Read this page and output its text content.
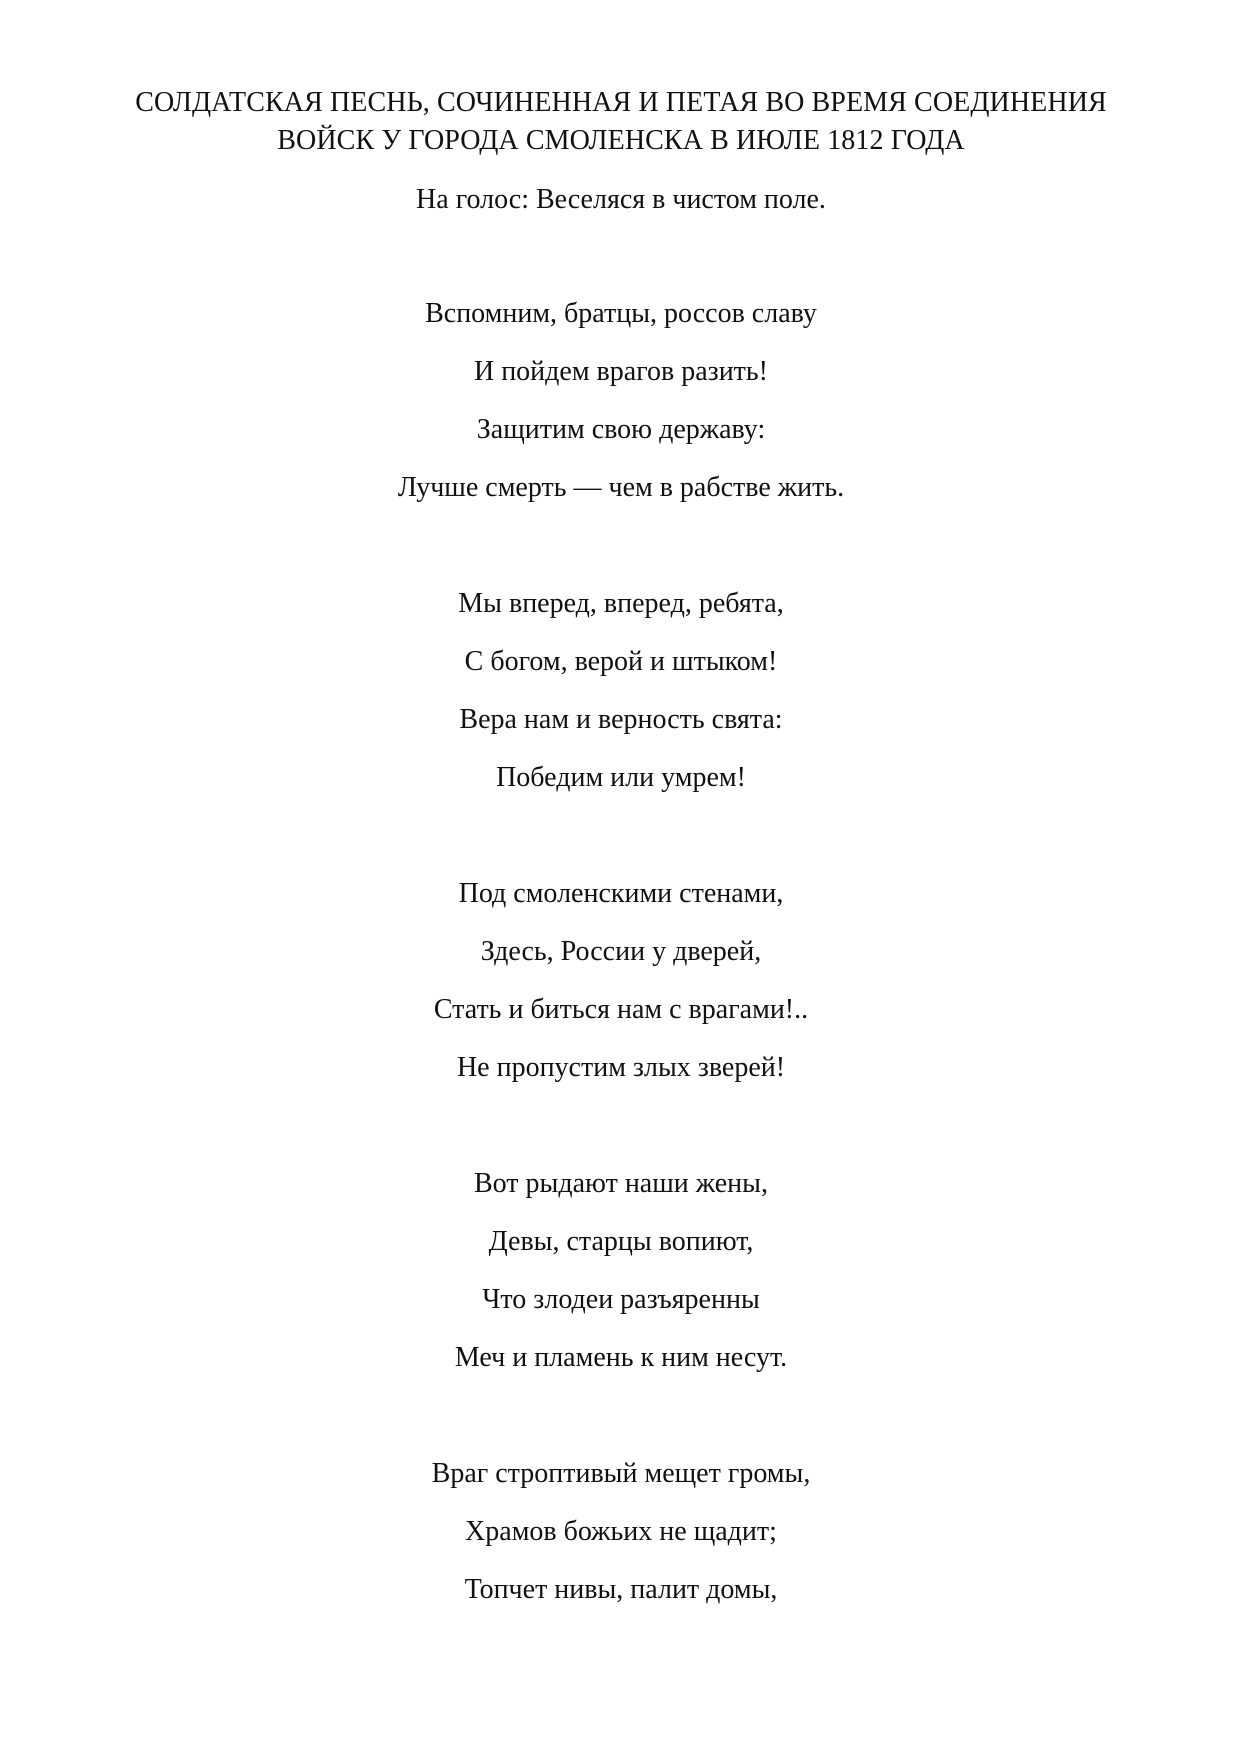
СОЛДАТСКАЯ ПЕСНЬ, СОЧИНЕННАЯ И ПЕТАЯ ВО ВРЕМЯ СОЕДИНЕНИЯ
ВОЙСК У ГОРОДА СМОЛЕНСКА В ИЮЛЕ 1812 ГОДА
На голос: Веселяся в чистом поле.
Вспомним, братцы, россов славу
И пойдем врагов разить!
Защитим свою державу:
Лучше смерть — чем в рабстве жить.
Мы вперед, вперед, ребята,
С богом, верой и штыком!
Вера нам и верность свята:
Победим или умрем!
Под смоленскими стенами,
Здесь, России у дверей,
Стать и биться нам с врагами!..
Не пропустим злых зверей!
Вот рыдают наши жены,
Девы, старцы вопиют,
Что злодеи разъяренны
Меч и пламень к ним несут.
Враг строптивый мещет громы,
Храмов божьих не щадит;
Топчет нивы, палит домы,
